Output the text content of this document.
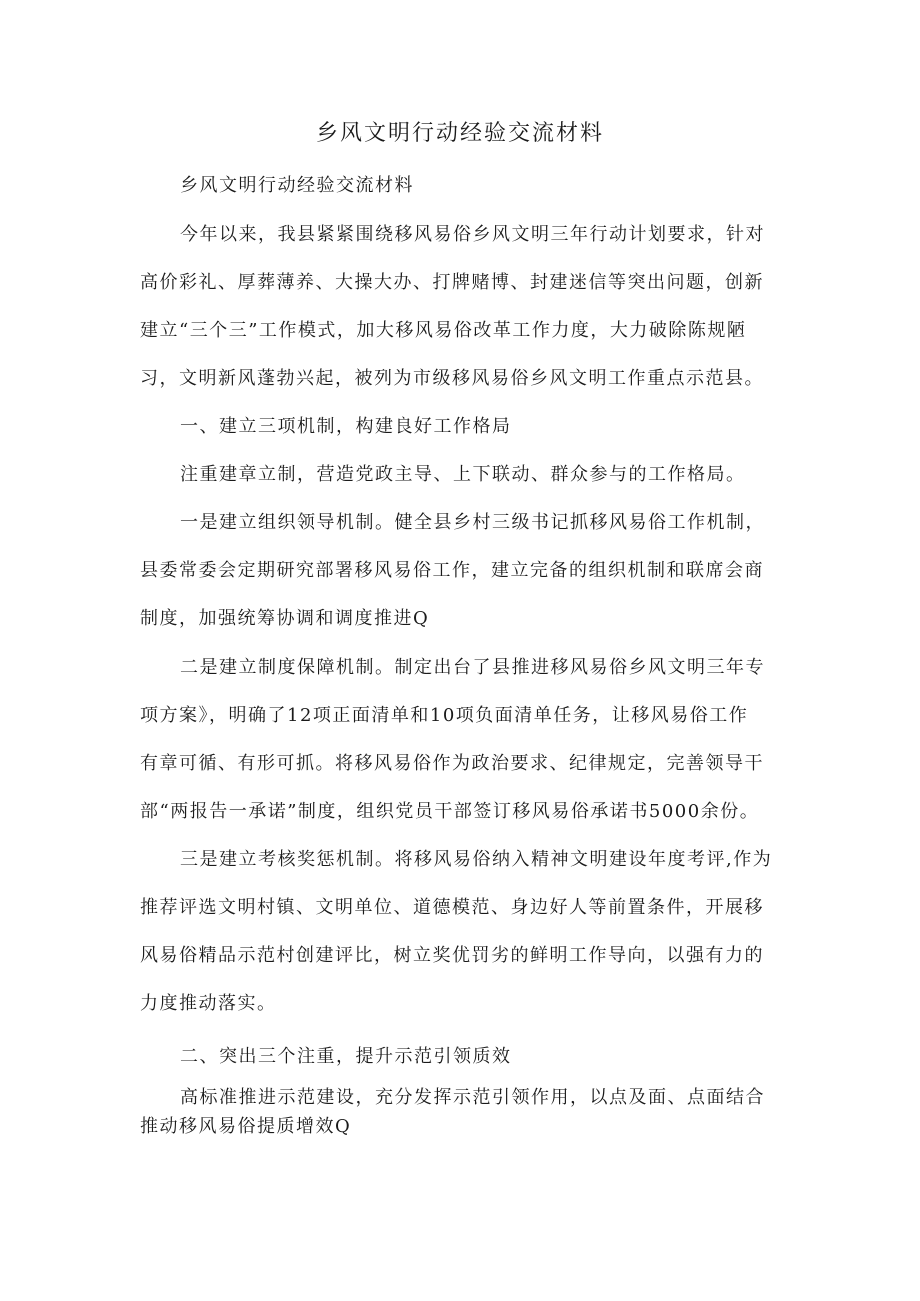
乡风文明行动经验交流材料
乡风文明行动经验交流材料
今年以来，我县紧紧围绕移风易俗乡风文明三年行动计划要求，针对
高价彩礼、厚葬薄养、大操大办、打牌赌博、封建迷信等突出问题，创新
建立“三个三”工作模式，加大移风易俗改革工作力度，大力破除陈规陋
习，文明新风蓬勃兴起，被列为市级移风易俗乡风文明工作重点示范县。
一、建立三项机制，构建良好工作格局
注重建章立制，营造党政主导、上下联动、群众参与的工作格局。
一是建立组织领导机制。健全县乡村三级书记抓移风易俗工作机制，
县委常委会定期研究部署移风易俗工作，建立完备的组织机制和联席会商
制度，加强统筹协调和调度推进Q
二是建立制度保障机制。制定出台了县推进移风易俗乡风文明三年专
项方案》，明确了12项正面清单和10项负面清单任务，让移风易俗工作
有章可循、有形可抓。将移风易俗作为政治要求、纪律规定，完善领导干
部“两报告一承诺”制度，组织党员干部签订移风易俗承诺书5000余份。
三是建立考核奖惩机制。将移风易俗纳入精神文明建设年度考评,作为
推荐评选文明村镇、文明单位、道德模范、身边好人等前置条件，开展移
风易俗精品示范村创建评比，树立奖优罚劣的鲜明工作导向，以强有力的
力度推动落实。
二、突出三个注重，提升示范引领质效
高标准推进示范建设，充分发挥示范引领作用，以点及面、点面结合
推动移风易俗提质增效Q
